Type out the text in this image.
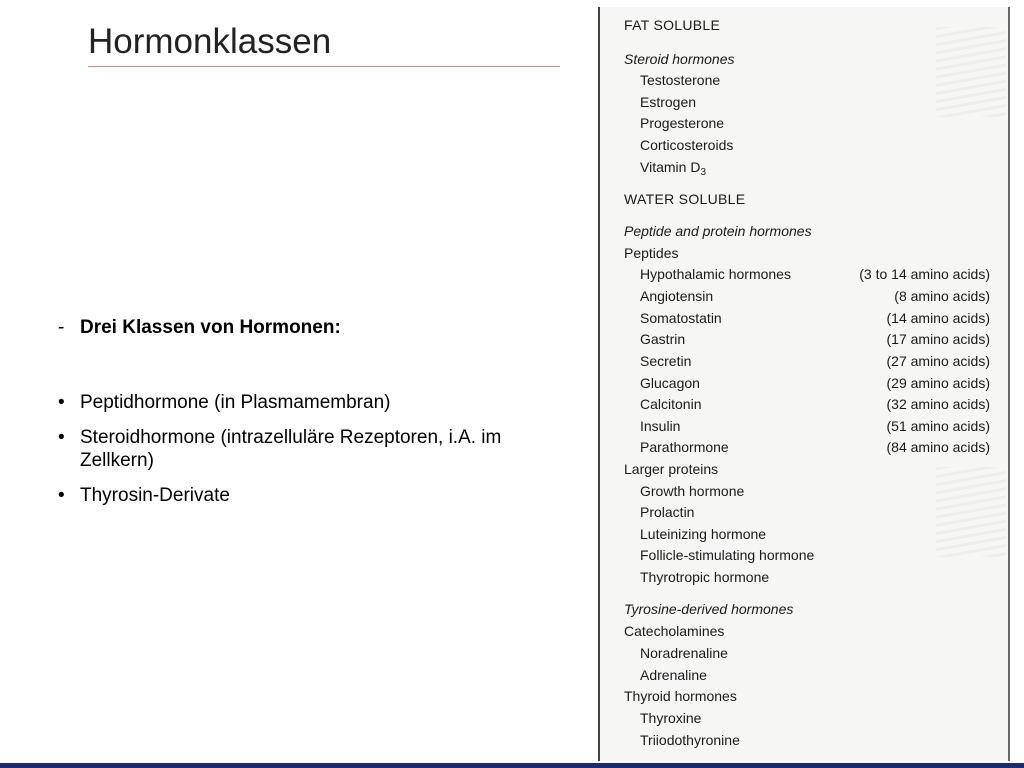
Hormonklassen
- Drei Klassen von Hormonen:
• Peptidhormone (in Plasmamembran)
• Steroidhormone (intrazelluläre Rezeptoren, i.A. im Zellkern)
• Thyrosin-Derivate
FAT SOLUBLE
Steroid hormones
Testosterone
Estrogen
Progesterone
Corticosteroids
Vitamin $D_3$
WATER SOLUBLE
Peptide and protein hormones
Peptides
Hypothalamic hormones	(3 to 14 amino acids)
Angiotensin	(8 amino acids)
Somatostatin	(14 amino acids)
Gastrin	(17 amino acids)
Secretin	(27 amino acids)
Glucagon	(29 amino acids)
Calcitonin	(32 amino acids)
Insulin	(51 amino acids)
Parathormone	(84 amino acids)
Larger proteins
Growth hormone
Prolactin
Luteinizing hormone
Follicle-stimulating hormone
Thyrotropic hormone
Tyrosine-derived hormones
Catecholamines
Noradrenaline
Adrenaline
Thyroid hormones
Thyroxine
Triiodothyronine
